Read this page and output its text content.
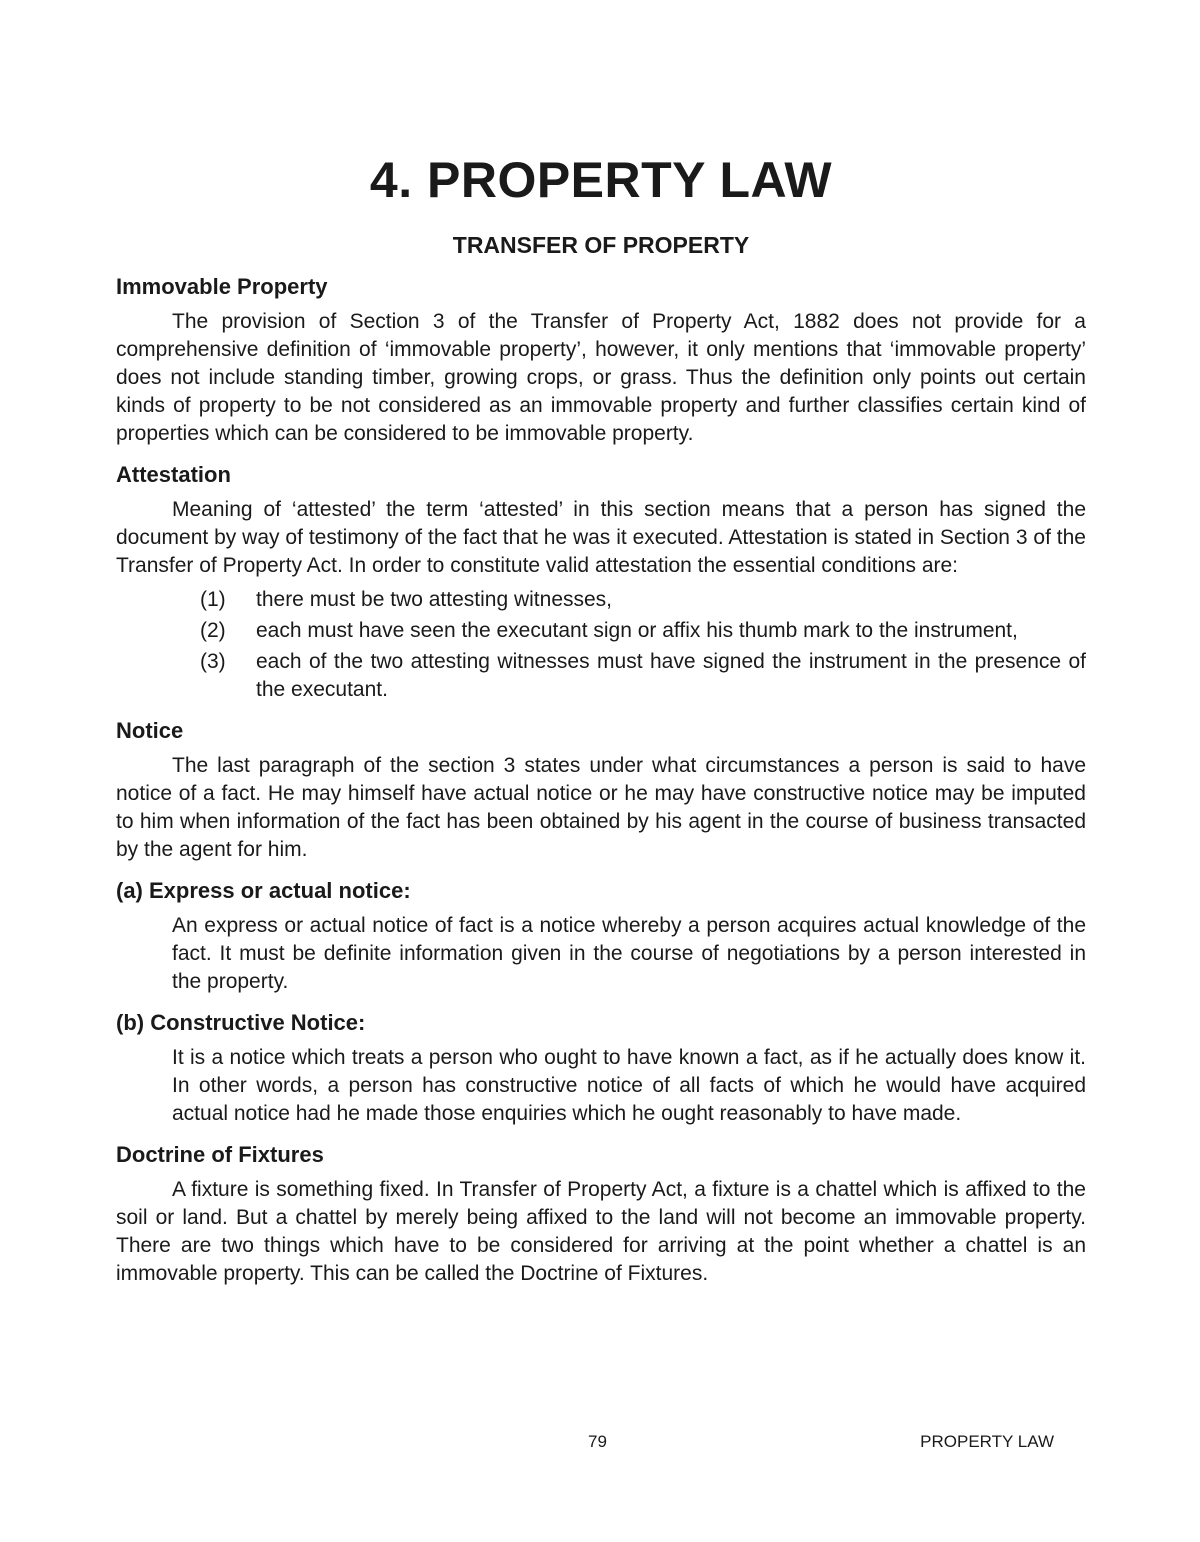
4. PROPERTY LAW
TRANSFER OF PROPERTY
Immovable Property

The provision of Section 3 of the Transfer of Property Act, 1882 does not provide for a comprehensive definition of ‘immovable property’, however, it only mentions that ‘immovable property’ does not include standing timber, growing crops, or grass. Thus the definition only points out certain kinds of property to be not considered as an immovable property and further classifies certain kind of properties which can be considered to be immovable property.

Attestation

Meaning of ‘attested’ the term ‘attested’ in this section means that a person has signed the document by way of testimony of the fact that he was it executed. Attestation is stated in Section 3 of the Transfer of Property Act. In order to constitute valid attestation the essential conditions are:

(1)	there must be two attesting witnesses,
(2)	each must have seen the executant sign or affix his thumb mark to the instrument,
(3)	each of the two attesting witnesses must have signed the instrument in the presence of the executant.
Notice

The last paragraph of the section 3 states under what circumstances a person is said to have notice of a fact. He may himself have actual notice or he may have constructive notice may be imputed to him when information of the fact has been obtained by his agent in the course of business transacted by the agent for him.

(a) Express or actual notice:

An express or actual notice of fact is a notice whereby a person acquires actual knowledge of the fact. It must be definite information given in the course of negotiations by a person interested in the property.

(b) Constructive Notice:

It is a notice which treats a person who ought to have known a fact, as if he actually does know it. In other words, a person has constructive notice of all facts of which he would have acquired actual notice had he made those enquiries which he ought reasonably to have made.

Doctrine of Fixtures

A fixture is something fixed. In Transfer of Property Act, a fixture is a chattel which is affixed to the soil or land. But a chattel by merely being affixed to the land will not become an immovable property. There are two things which have to be considered for arriving at the point whether a chattel is an immovable property. This can be called the Doctrine of Fixtures.

79	PROPERTY LAW
